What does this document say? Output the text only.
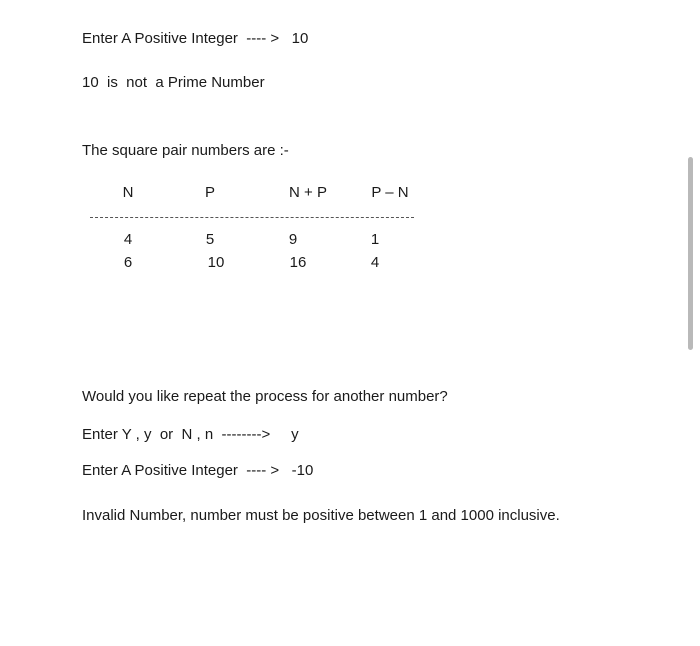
Enter A Positive Integer  ---- >   10
10  is  not  a Prime Number
The square pair numbers are :-
N	P	N + P	P – N
4	5	9	1
6	10	16	4
Would you like repeat the process for another number?
Enter Y , y  or  N , n  -------->     y
Enter A Positive Integer  ---- >   -10
Invalid Number, number must be positive between 1 and 1000 inclusive.
